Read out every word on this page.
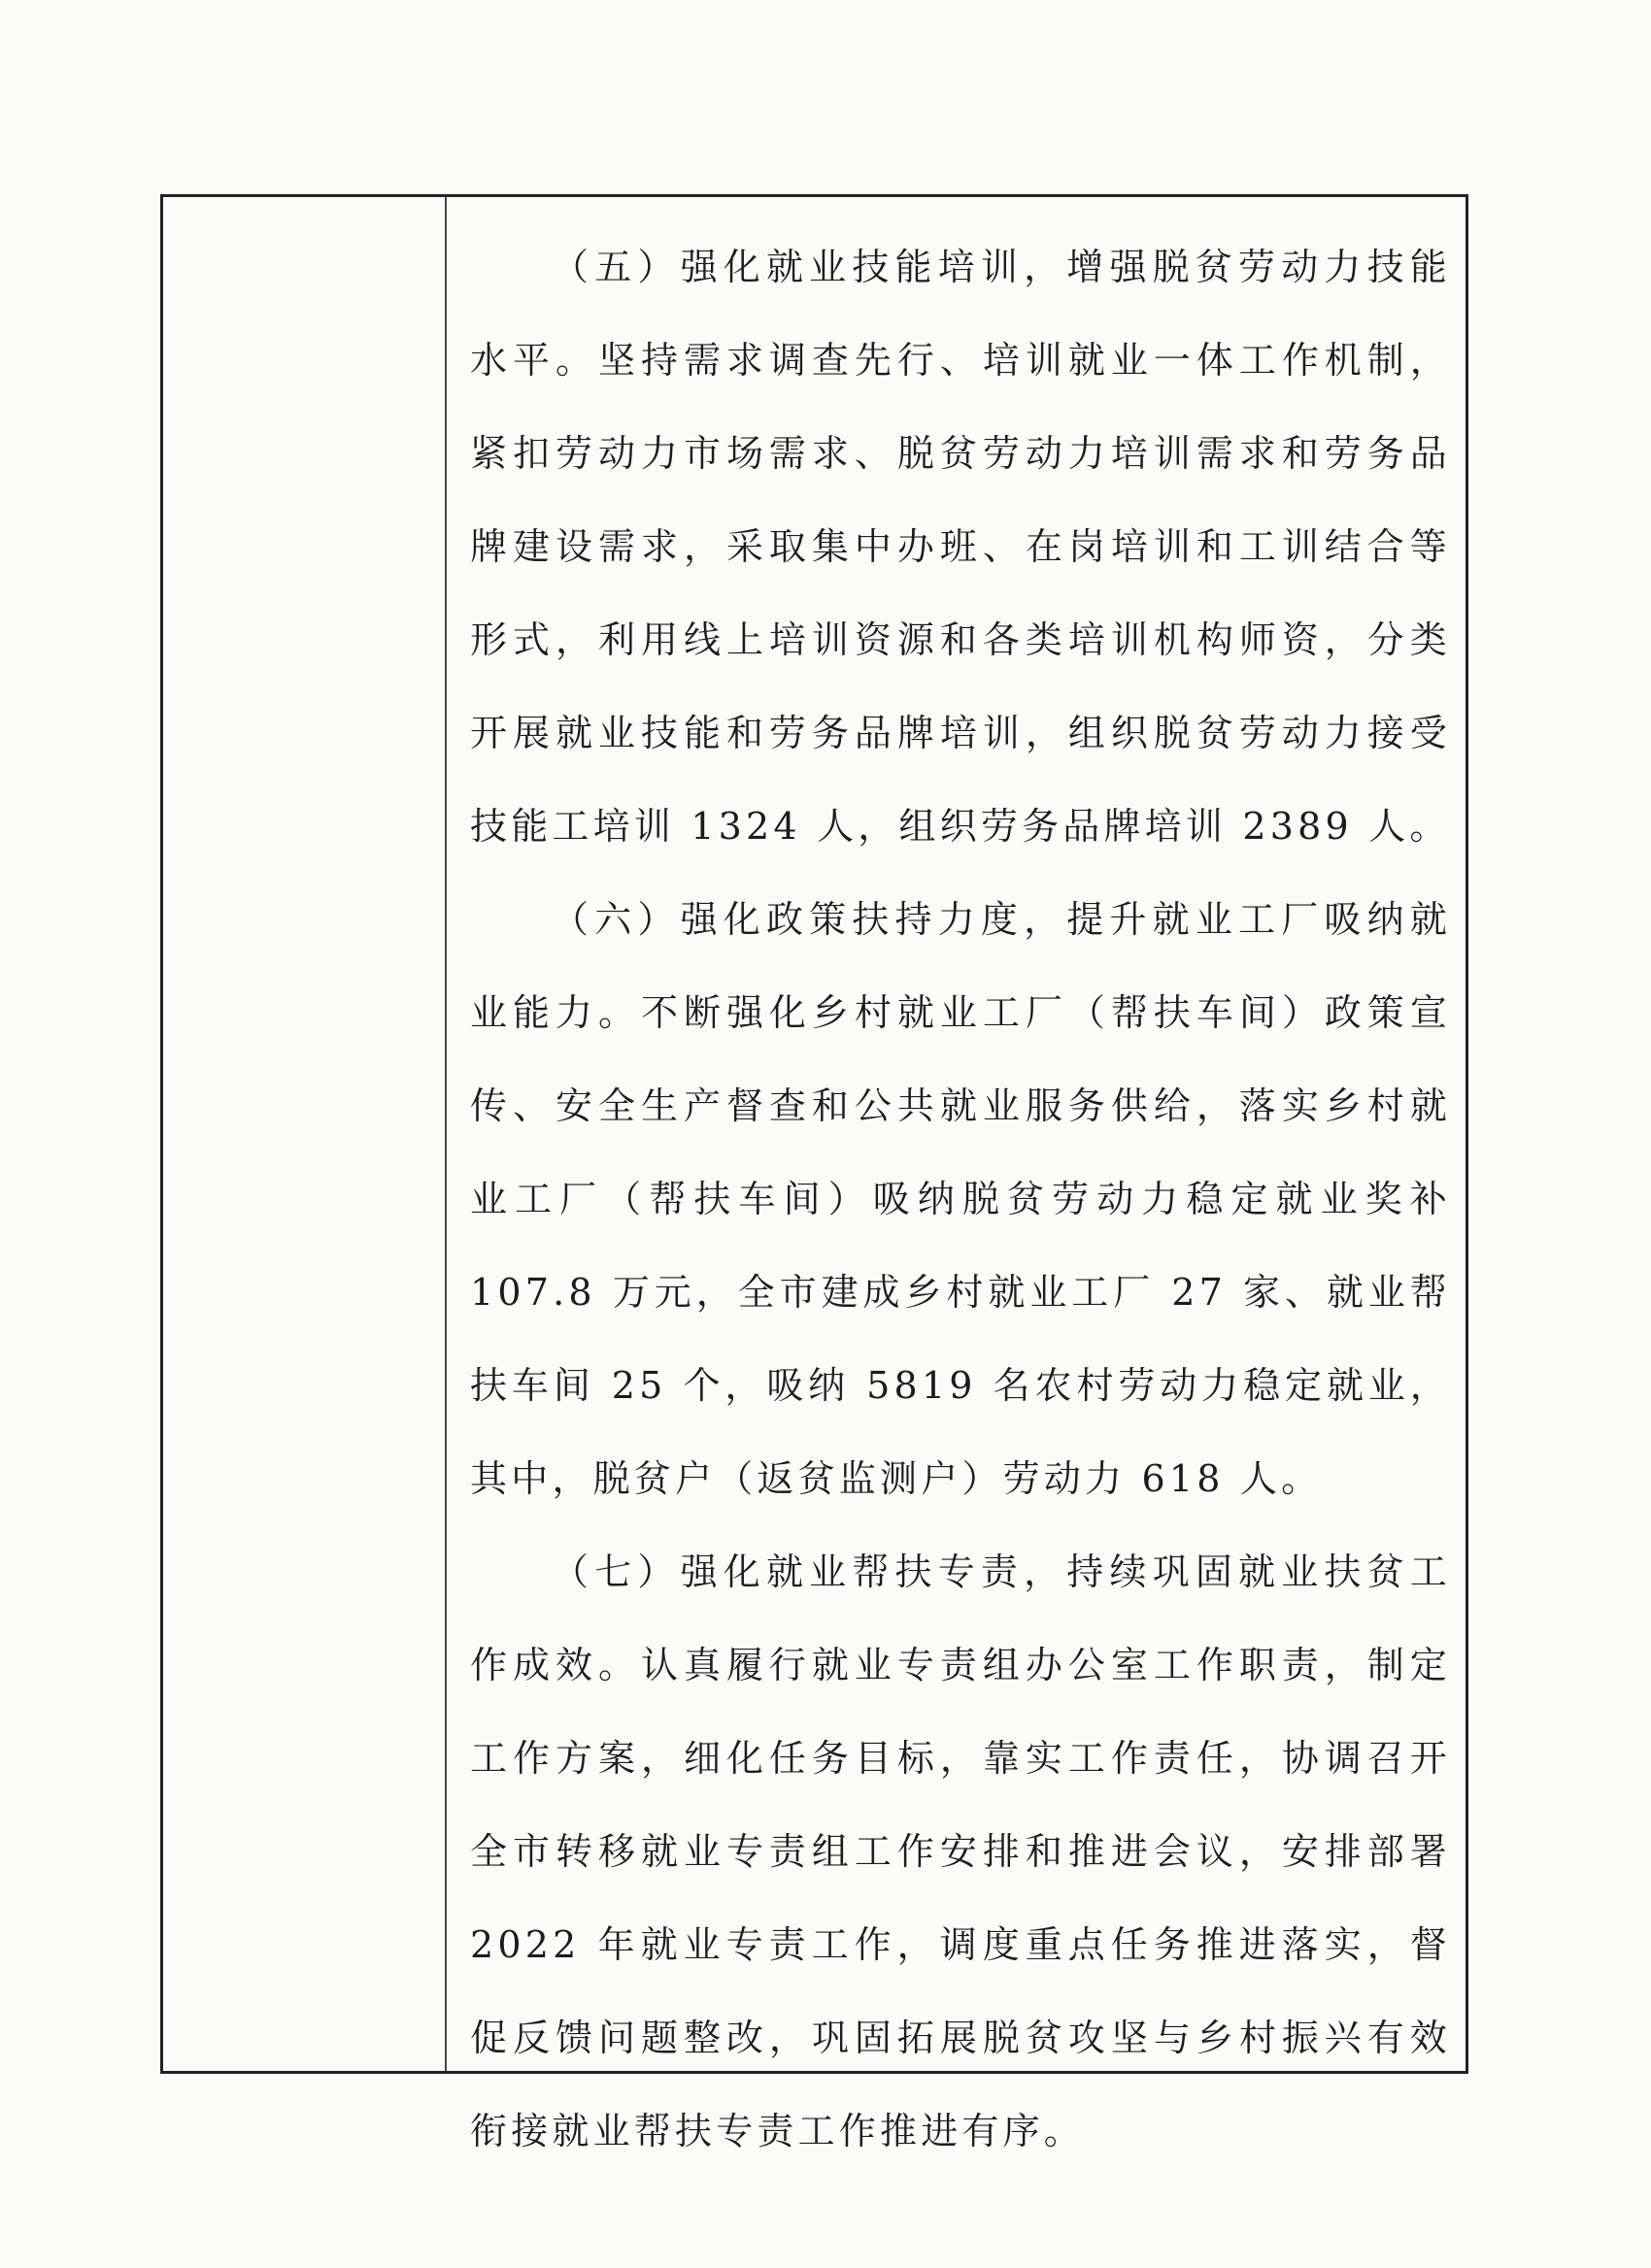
（五）强化就业技能培训，增强脱贫劳动力技能水平。坚持需求调查先行、培训就业一体工作机制，紧扣劳动力市场需求、脱贫劳动力培训需求和劳务品牌建设需求，采取集中办班、在岗培训和工训结合等形式，利用线上培训资源和各类培训机构师资，分类开展就业技能和劳务品牌培训，组织脱贫劳动力接受技能工培训 1324 人，组织劳务品牌培训 2389 人。

（六）强化政策扶持力度，提升就业工厂吸纳就业能力。不断强化乡村就业工厂（帮扶车间）政策宣传、安全生产督查和公共就业服务供给，落实乡村就业工厂（帮扶车间）吸纳脱贫劳动力稳定就业奖补107.8 万元，全市建成乡村就业工厂 27 家、就业帮扶车间 25 个，吸纳 5819 名农村劳动力稳定就业，其中，脱贫户（返贫监测户）劳动力 618 人。

（七）强化就业帮扶专责，持续巩固就业扶贫工作成效。认真履行就业专责组办公室工作职责，制定工作方案，细化任务目标，靠实工作责任，协调召开全市转移就业专责组工作安排和推进会议，安排部署2022 年就业专责工作，调度重点任务推进落实，督促反馈问题整改，巩固拓展脱贫攻坚与乡村振兴有效衔接就业帮扶专责工作推进有序。
